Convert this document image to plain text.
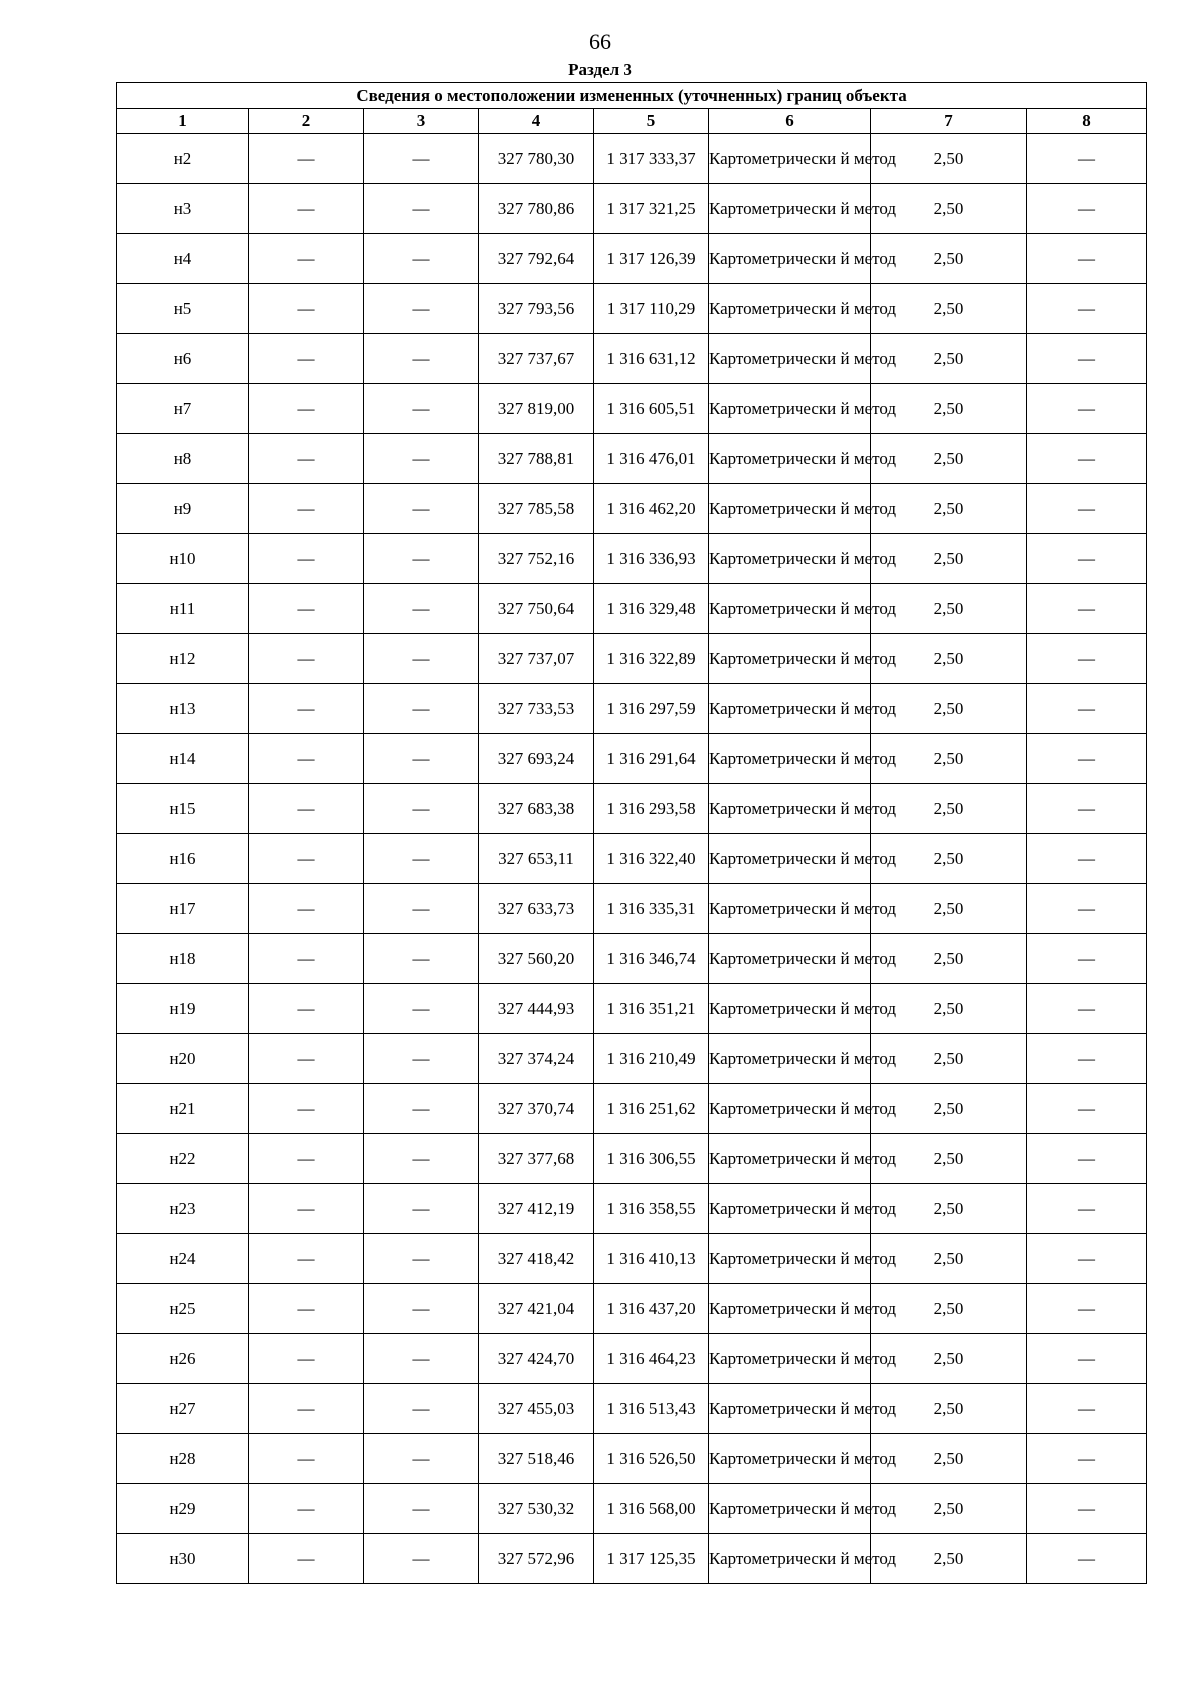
66
Раздел 3
Сведения о местоположении измененных (уточненных) границ объекта							
1	2	3	4	5	6	7	8
н2	—	—	327 780,30	1 317 333,37	Картометрически й метод	2,50	—
н3	—	—	327 780,86	1 317 321,25	Картометрически й метод	2,50	—
н4	—	—	327 792,64	1 317 126,39	Картометрически й метод	2,50	—
н5	—	—	327 793,56	1 317 110,29	Картометрически й метод	2,50	—
н6	—	—	327 737,67	1 316 631,12	Картометрически й метод	2,50	—
н7	—	—	327 819,00	1 316 605,51	Картометрически й метод	2,50	—
н8	—	—	327 788,81	1 316 476,01	Картометрически й метод	2,50	—
н9	—	—	327 785,58	1 316 462,20	Картометрически й метод	2,50	—
н10	—	—	327 752,16	1 316 336,93	Картометрически й метод	2,50	—
н11	—	—	327 750,64	1 316 329,48	Картометрически й метод	2,50	—
н12	—	—	327 737,07	1 316 322,89	Картометрически й метод	2,50	—
н13	—	—	327 733,53	1 316 297,59	Картометрически й метод	2,50	—
н14	—	—	327 693,24	1 316 291,64	Картометрически й метод	2,50	—
н15	—	—	327 683,38	1 316 293,58	Картометрически й метод	2,50	—
н16	—	—	327 653,11	1 316 322,40	Картометрически й метод	2,50	—
н17	—	—	327 633,73	1 316 335,31	Картометрически й метод	2,50	—
н18	—	—	327 560,20	1 316 346,74	Картометрически й метод	2,50	—
н19	—	—	327 444,93	1 316 351,21	Картометрически й метод	2,50	—
н20	—	—	327 374,24	1 316 210,49	Картометрически й метод	2,50	—
н21	—	—	327 370,74	1 316 251,62	Картометрически й метод	2,50	—
н22	—	—	327 377,68	1 316 306,55	Картометрически й метод	2,50	—
н23	—	—	327 412,19	1 316 358,55	Картометрически й метод	2,50	—
н24	—	—	327 418,42	1 316 410,13	Картометрически й метод	2,50	—
н25	—	—	327 421,04	1 316 437,20	Картометрически й метод	2,50	—
н26	—	—	327 424,70	1 316 464,23	Картометрически й метод	2,50	—
н27	—	—	327 455,03	1 316 513,43	Картометрически й метод	2,50	—
н28	—	—	327 518,46	1 316 526,50	Картометрически й метод	2,50	—
н29	—	—	327 530,32	1 316 568,00	Картометрически й метод	2,50	—
н30	—	—	327 572,96	1 317 125,35	Картометрически й метод	2,50	—
